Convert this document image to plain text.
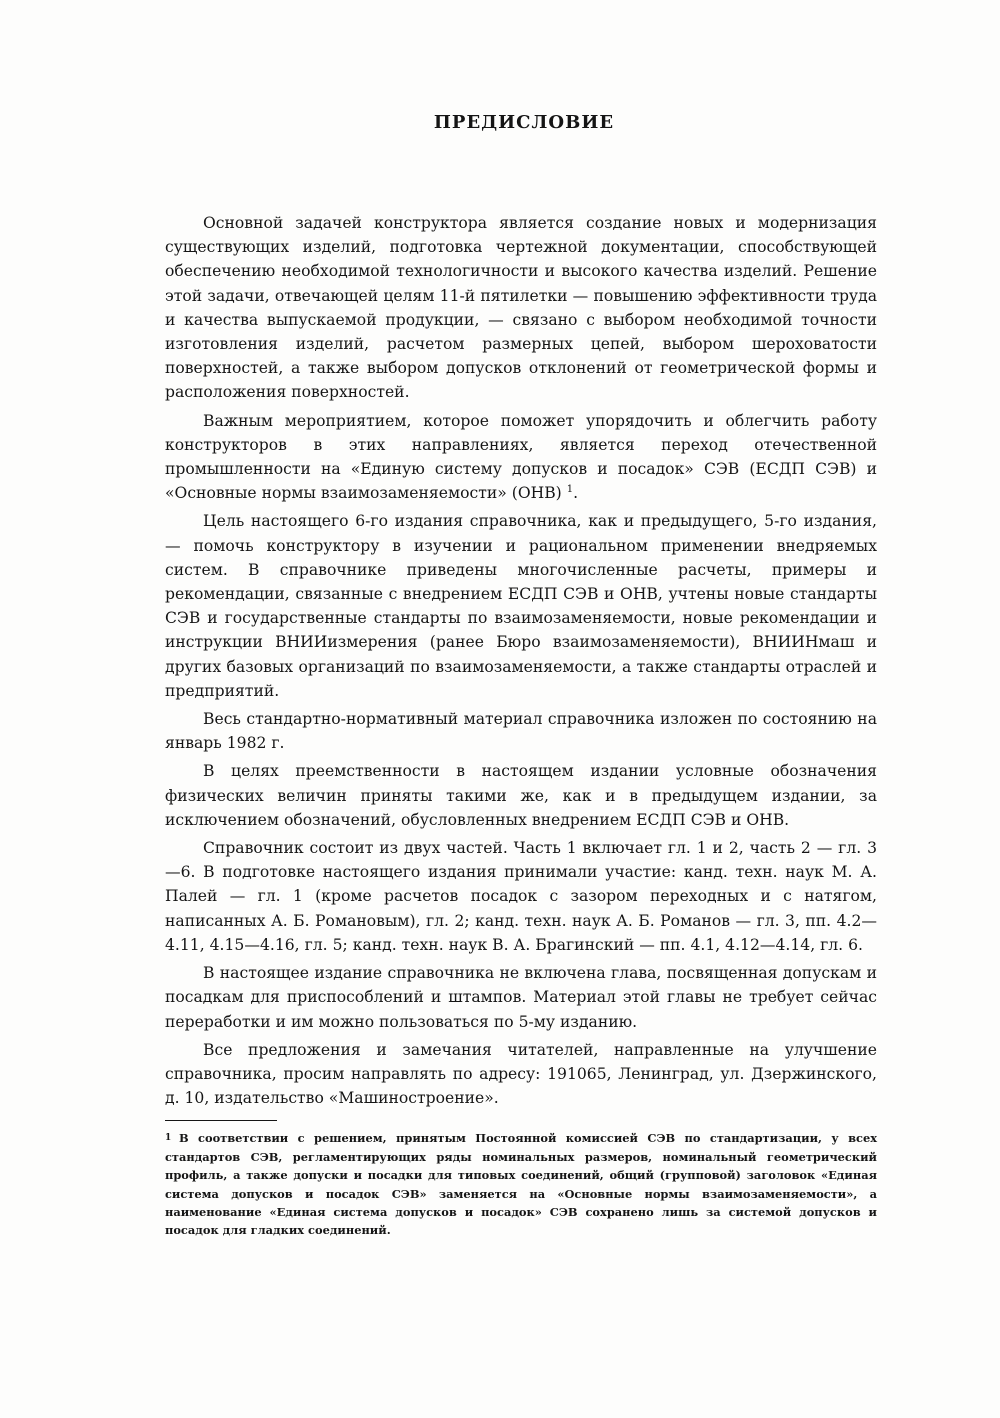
ПРЕДИСЛОВИЕ

Основной задачей конструктора является создание новых и модернизация существующих изделий, подготовка чертежной документации, способствующей обеспечению необходимой технологичности и высокого качества изделий. Решение этой задачи, отвечающей целям 11-й пятилетки — повышению эффективности труда и качества выпускаемой продукции, — связано с выбором необходимой точности изготовления изделий, расчетом размерных цепей, выбором шероховатости поверхностей, а также выбором допусков отклонений от геометрической формы и расположения поверхностей.

Важным мероприятием, которое поможет упорядочить и облегчить работу конструкторов в этих направлениях, является переход отечественной промышленности на «Единую систему допусков и посадок» СЭВ (ЕСДП СЭВ) и «Основные нормы взаимозаменяемости» (ОНВ) $^1$.

Цель настоящего 6-го издания справочника, как и предыдущего, 5-го издания, — помочь конструктору в изучении и рациональном применении внедряемых систем. В справочнике приведены многочисленные расчеты, примеры и рекомендации, связанные с внедрением ЕСДП СЭВ и ОНВ, учтены новые стандарты СЭВ и государственные стандарты по взаимозаменяемости, новые рекомендации и инструкции ВНИИизмерения (ранее Бюро взаимозаменяемости), ВНИИНмаш и других базовых организаций по взаимозаменяемости, а также стандарты отраслей и предприятий.

Весь стандартно-нормативный материал справочника изложен по состоянию на январь 1982 г.

В целях преемственности в настоящем издании условные обозначения физических величин приняты такими же, как и в предыдущем издании, за исключением обозначений, обусловленных внедрением ЕСДП СЭВ и ОНВ.

Справочник состоит из двух частей. Часть 1 включает гл. 1 и 2, часть 2 — гл. 3—6. В подготовке настоящего издания принимали участие: канд. техн. наук М. А. Палей — гл. 1 (кроме расчетов посадок с зазором переходных и с натягом, написанных А. Б. Романовым), гл. 2; канд. техн. наук А. Б. Романов — гл. 3, пп. 4.2—4.11, 4.15—4.16, гл. 5; канд. техн. наук В. А. Брагинский — пп. 4.1, 4.12—4.14, гл. 6.

В настоящее издание справочника не включена глава, посвященная допускам и посадкам для приспособлений и штампов. Материал этой главы не требует сейчас переработки и им можно пользоваться по 5-му изданию.

Все предложения и замечания читателей, направленные на улучшение справочника, просим направлять по адресу: 191065, Ленинград, ул. Дзержинского, д. 10, издательство «Машиностроение».

1 В соответствии с решением, принятым Постоянной комиссией СЭВ по стандартизации, у всех стандартов СЭВ, регламентирующих ряды номинальных размеров, номинальный геометрический профиль, а также допуски и посадки для типовых соединений, общий (групповой) заголовок «Единая система допусков и посадок СЭВ» заменяется на «Основные нормы взаимозаменяемости», а наименование «Единая система допусков и посадок» СЭВ сохранено лишь за системой допусков и посадок для гладких соединений.
